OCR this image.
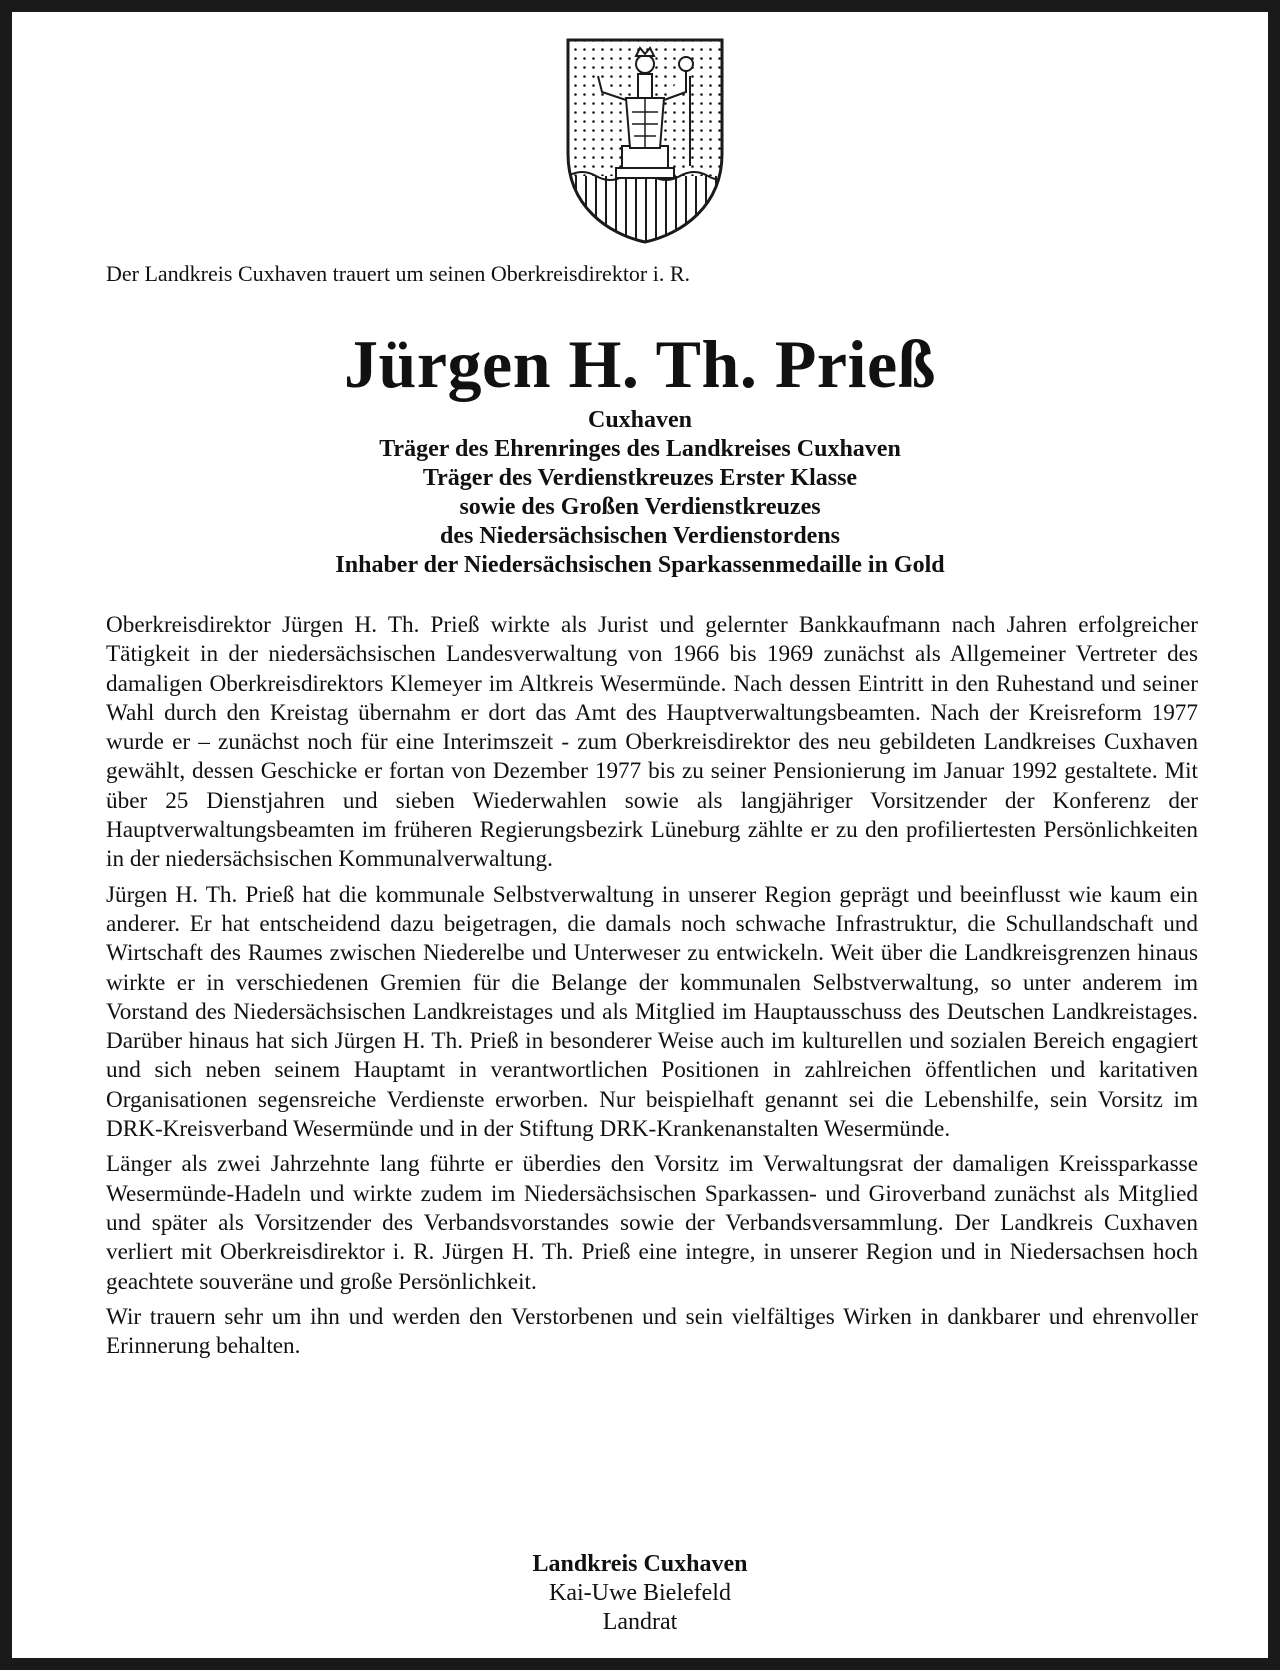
Der Landkreis Cuxhaven trauert um seinen Oberkreisdirektor i. R.

Jürgen H. Th. Prieß
Cuxhaven
Träger des Ehrenringes des Landkreises Cuxhaven
Träger des Verdienstkreuzes Erster Klasse
sowie des Großen Verdienstkreuzes
des Niedersächsischen Verdienstordens
Inhaber der Niedersächsischen Sparkassenmedaille in Gold

Oberkreisdirektor Jürgen H. Th. Prieß wirkte als Jurist und gelernter Bankkaufmann nach Jahren erfolgreicher Tätigkeit in der niedersächsischen Landesverwaltung von 1966 bis 1969 zunächst als Allgemeiner Vertreter des damaligen Oberkreisdirektors Klemeyer im Altkreis Wesermünde. Nach dessen Eintritt in den Ruhestand und seiner Wahl durch den Kreistag übernahm er dort das Amt des Hauptverwaltungsbeamten. Nach der Kreisreform 1977 wurde er – zunächst noch für eine Interimszeit - zum Oberkreisdirektor des neu gebildeten Landkreises Cuxhaven gewählt, dessen Geschicke er fortan von Dezember 1977 bis zu seiner Pensionierung im Januar 1992 gestaltete. Mit über 25 Dienstjahren und sieben Wiederwahlen sowie als langjähriger Vorsitzender der Konferenz der Hauptverwaltungsbeamten im früheren Regierungsbezirk Lüneburg zählte er zu den profiliertesten Persönlichkeiten in der niedersächsischen Kommunalverwaltung.

Jürgen H. Th. Prieß hat die kommunale Selbstverwaltung in unserer Region geprägt und beeinflusst wie kaum ein anderer. Er hat entscheidend dazu beigetragen, die damals noch schwache Infrastruktur, die Schullandschaft und Wirtschaft des Raumes zwischen Niederelbe und Unterweser zu entwickeln. Weit über die Landkreisgrenzen hinaus wirkte er in verschiedenen Gremien für die Belange der kommunalen Selbstverwaltung, so unter anderem im Vorstand des Niedersächsischen Landkreistages und als Mitglied im Hauptausschuss des Deutschen Landkreistages. Darüber hinaus hat sich Jürgen H. Th. Prieß in besonderer Weise auch im kulturellen und sozialen Bereich engagiert und sich neben seinem Hauptamt in verantwortlichen Positionen in zahlreichen öffentlichen und karitativen Organisationen segensreiche Verdienste erworben. Nur beispielhaft genannt sei die Lebenshilfe, sein Vorsitz im DRK-Kreisverband Wesermünde und in der Stiftung DRK-Krankenanstalten Wesermünde.

Länger als zwei Jahrzehnte lang führte er überdies den Vorsitz im Verwaltungsrat der damaligen Kreissparkasse Wesermünde-Hadeln und wirkte zudem im Niedersächsischen Sparkassen- und Giroverband zunächst als Mitglied und später als Vorsitzender des Verbandsvorstandes sowie der Verbandsversammlung. Der Landkreis Cuxhaven verliert mit Oberkreisdirektor i. R. Jürgen H. Th. Prieß eine integre, in unserer Region und in Niedersachsen hoch geachtete souveräne und große Persönlichkeit.

Wir trauern sehr um ihn und werden den Verstorbenen und sein vielfältiges Wirken in dankbarer und ehrenvoller Erinnerung behalten.

Landkreis Cuxhaven
Kai-Uwe Bielefeld
Landrat
